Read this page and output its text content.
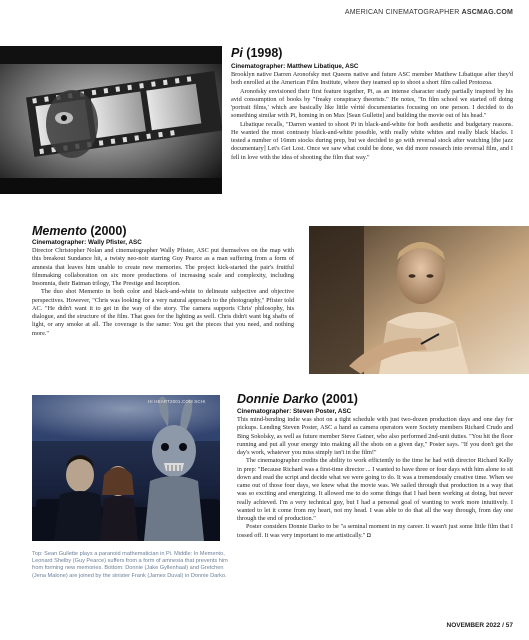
AMERICAN CINEMATOGRAPHER ASCMAG.COM
Pi (1998)
Cinematographer: Matthew Libatique, ASC

Brooklyn native Darren Aronofsky met Queens native and future ASC member Matthew Libatique after they'd both enrolled at the American Film Institute, where they teamed up to shoot a short film called Protozoa.

Aronofsky envisioned their first feature together, Pi, as an intense character study partially inspired by his avid consumption of books by "freaky conspiracy theorists." He notes, "In film school we started off doing 'portrait films,' which are basically like little vérité documentaries focusing on one person. I decided to do something similar with Pi, homing in on Max [Sean Gullette] and building the movie out of his head."

Libatique recalls, "Darren wanted to shoot Pi in black-and-white for both aesthetic and budgetary reasons. He wanted the most contrasty black-and-white possible, with really white whites and really black blacks. I tested a number of 16mm stocks during prep, but we decided to go with reversal stock after watching [the jazz documentary] Let's Get Lost. Once we saw what could be done, we did more research into reversal film, and I fell in love with the idea of shooting the film that way."

Memento (2000)
Cinematographer: Wally Pfister, ASC

Director Christopher Nolan and cinematographer Wally Pfister, ASC put themselves on the map with this breakout Sundance hit, a twisty neo-noir starring Guy Pearce as a man suffering from a form of amnesia that leaves him unable to create new memories. The project kick-started the pair's fruitful filmmaking collaboration on six more productions of increasing scale and complexity, including Insomnia, their Batman trilogy, The Prestige and Inception.

The duo shot Memento in both color and black-and-white to delineate subjective and objective perspectives. However, "Chris was looking for a very natural approach to the photography," Pfister told AC. "He didn't want it to get in the way of the story. The camera supports Chris' philosophy, his dialogue, and the structure of the film. That goes for the lighting as well. Chris didn't want big shafts of light, or any smoke at all. The coverage is the same: You get the pieces that you need, and nothing more."

HI HEART2001.COM SCHI

Top: Sean Gullette plays a paranoid mathematician in Pi. Middle: In Memento, Leonard Shelby (Guy Pearce) suffers from a form of amnesia that prevents him from forming new memories. Bottom: Donnie (Jake Gyllenhaal) and Gretchen (Jena Malone) are joined by the sinister Frank (James Duval) in Donnie Darko.

Donnie Darko (2001)
Cinematographer: Steven Poster, ASC

This mind-bending indie was shot on a tight schedule with just two-dozen production days and one day for pickups. Lending Steven Poster, ASC a hand as camera operators were Society members Richard Crudo and Bing Sokolsky, as well as future member Steve Gainer, who also performed 2nd-unit duties. "You hit the floor running and put all your energy into making all the shots on a given day," Poster says. "If you don't get the day's work, whatever you miss simply isn't in the film!"

The cinematographer credits the ability to work efficiently to the time he had with director Richard Kelly in prep: "Because Richard was a first-time director ... I wanted to have three or four days with him alone to sit down and read the script and decide what we were going to do. It was a tremendously creative time. When we came out of those four days, we knew what the movie was. We sailed through that production in a way that was so exciting and energizing. It allowed me to do some things that I had been working at doing, but never really achieved. I'm a very technical guy, but I had a personal goal of wanting to work more intuitively. I wanted to let it come from my heart, not my head. I was able to do that all the way through, from day one through the end of production."

Poster considers Donnie Darko to be "a seminal moment in my career. It wasn't just some little film that I tossed off. It was very important to me artistically." ◘

NOVEMBER 2022 / 57
